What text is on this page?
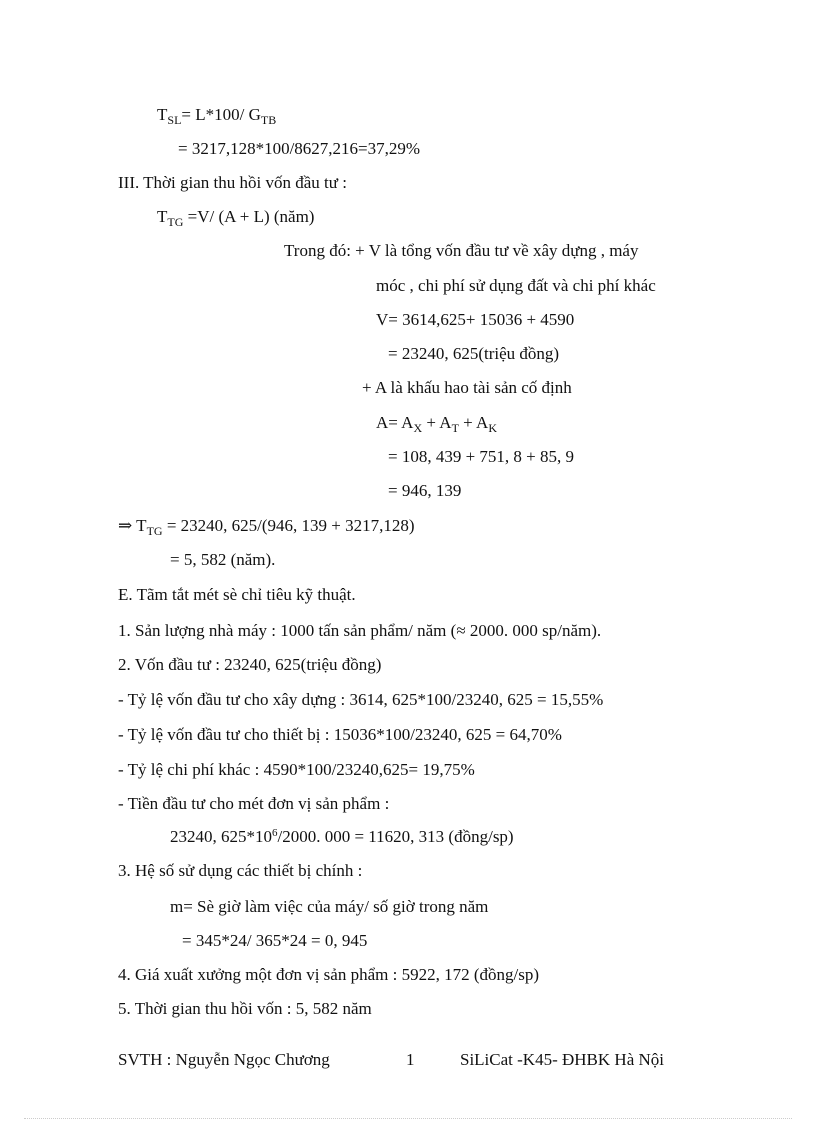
$T_{SL}= L*100/$ $G_{TB}$
= 3217,128*100/8627,216=37,29%
III. Thời gian thu hồi vốn đầu tư :
$T_{TG} =V/$ (A + L) (năm)
Trong đó: + V là tổng vốn đầu tư về xây dựng , máy
móc , chi phí sử dụng đất và chi phí khác
V= 3614,625+ 15036 + 4590
= 23240, 625(triệu đồng)
+ A là khấu hao tài sản cố định
$A= A_X + A_T + A_K$
= 108, 439 + 751, 8 + 85, 9
= 946, 139
⇒ $T_{TG} = 23240$, 625/(946, 139 + 3217,128)
= 5, 582 (năm).
E. Tãm tắt mét sè chỉ tiêu kỹ thuật.
1. Sản lượng nhà máy : 1000 tấn sản phẩm/ năm (≈ 2000. 000 sp/năm).
2. Vốn đầu tư : 23240, 625(triệu đồng)
- Tỷ lệ vốn đầu tư cho xây dựng : 3614, 625*100/23240, 625 = 15,55%
- Tỷ lệ vốn đầu tư cho thiết bị : 15036*100/23240, 625 = 64,70%
- Tỷ lệ chi phí khác : 4590*100/23240,625= 19,75%
- Tiền đầu tư cho mét đơn vị sản phẩm :
23240, $625*10^6/2000$. 000 = 11620, 313 (đồng/sp)
3. Hệ số sử dụng các thiết bị chính :
m= Sè giờ làm việc của máy/ số giờ trong năm
= 345*24/ 365*24 = 0, 945
4. Giá xuất xưởng một đơn vị sản phẩm : 5922, 172 (đồng/sp)
5. Thời gian thu hồi vốn : 5, 582 năm
SVTH : Nguyễn Ngọc Chương	1	SiLiCat -K45- ĐHBK Hà Nội
